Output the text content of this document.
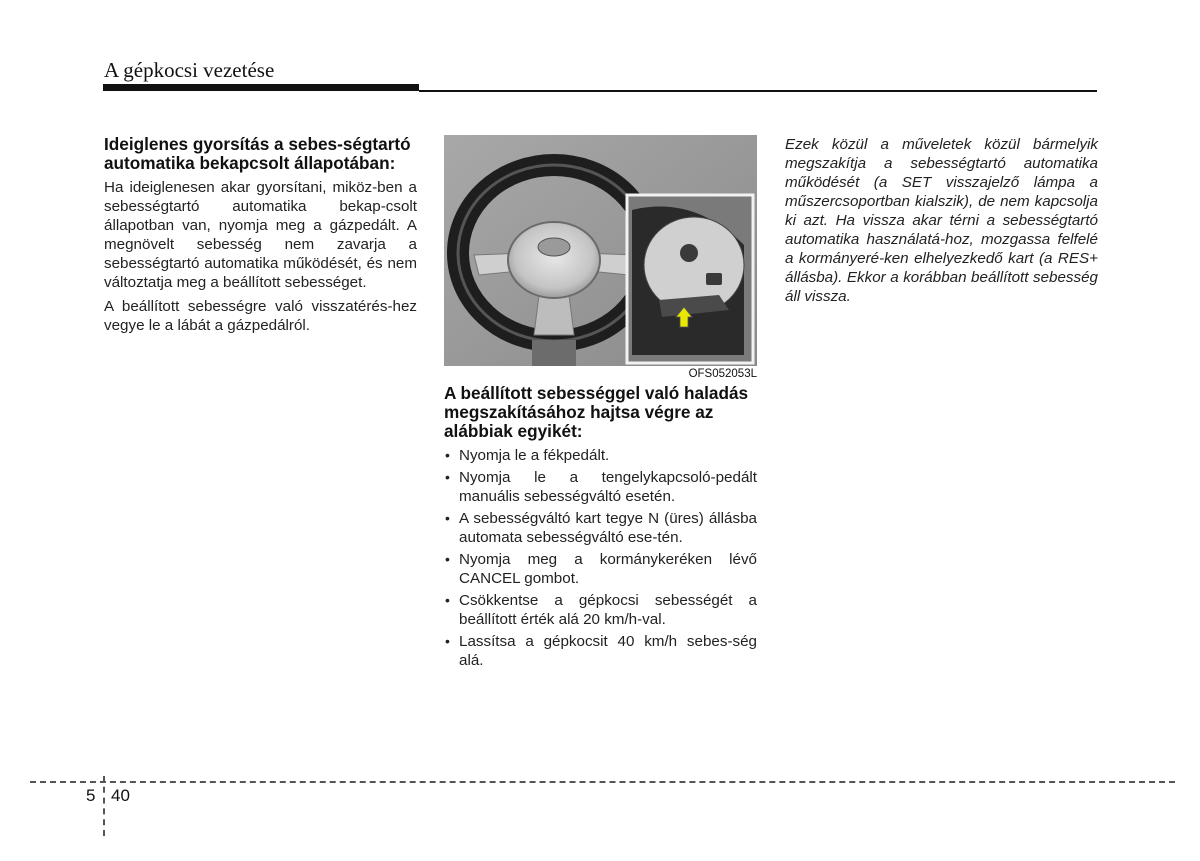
A gépkocsi vezetése
Ideiglenes gyorsítás a sebes-ségtartó automatika bekapcsolt állapotában:

Ha ideiglenesen akar gyorsítani, miköz-ben a sebességtartó automatika bekap-csolt állapotban van, nyomja meg a gázpedált. A megnövelt sebesség nem zavarja a sebességtartó automatika működését, és nem változtatja meg a beállított sebességet.

A beállított sebességre való visszatérés-hez vegye le a lábát a gázpedálról.

OFS052053L
A beállított sebességgel való haladás megszakításához hajtsa végre az alábbiak egyikét:
• Nyomja le a fékpedált.
• Nyomja le a tengelykapcsoló-pedált manuális sebességváltó esetén.
• A sebességváltó kart tegye N (üres) állásba automata sebességváltó ese-tén.
• Nyomja meg a kormánykeréken lévő CANCEL gombot.
• Csökkentse a gépkocsi sebességét a beállított érték alá 20 km/h-val.
• Lassítsa a gépkocsit 40 km/h sebes-ség alá.

Ezek közül a műveletek közül bármelyik megszakítja a sebességtartó automatika működését (a SET visszajelző lámpa a műszercsoportban kialszik), de nem kapcsolja ki azt. Ha vissza akar térni a sebességtartó automatika használatá-hoz, mozgassa felfelé a kormányeré-ken elhelyezkedő kart (a RES+ állásba). Ekkor a korábban beállított sebesség áll vissza.

5 40
